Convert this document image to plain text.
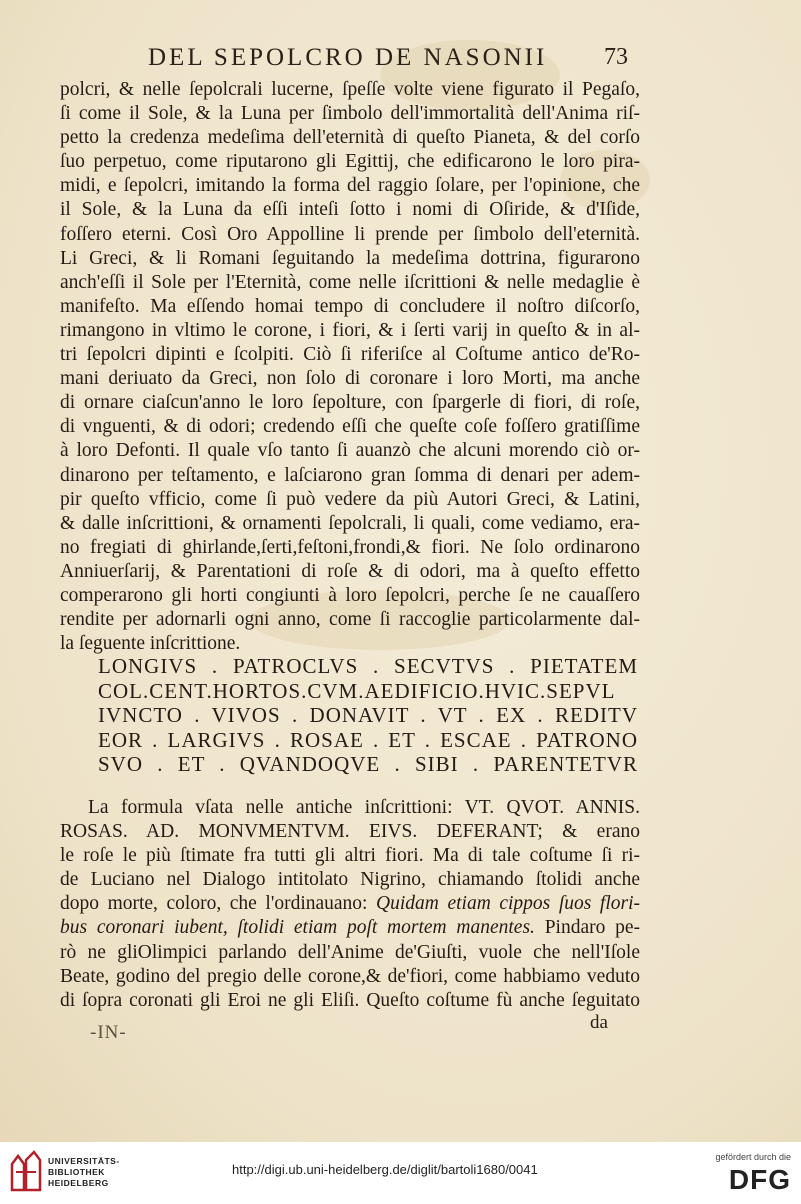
DEL SEPOLCRO DE NASONII 73
polcri, & nelle ſepolcrali lucerne, ſpeſſe volte viene figurato il Pegaſo,
ſi come il Sole, & la Luna per ſimbolo dell'immortalità dell'Anima riſ-
petto la credenza medeſima dell'eternità di queſto Pianeta, & del corſo
ſuo perpetuo, come riputarono gli Egittij, che edificarono le loro pira-
midi, e ſepolcri, imitando la forma del raggio ſolare, per l'opinione, che
il Sole, & la Luna da eſſi inteſi ſotto i nomi di Oſiride, & d'Iſide,
foſſero eterni. Così Oro Appolline li prende per ſimbolo dell'eternità.
Li Greci, & li Romani ſeguitando la medeſima dottrina, figurarono
anch'eſſi il Sole per l'Eternità, come nelle iſcrittioni & nelle medaglie è
manifeſto. Ma eſſendo homai tempo di concludere il noſtro diſcorſo,
rimangono in vltimo le corone, i fiori, & i ſerti varij in queſto & in al-
tri ſepolcri dipinti e ſcolpiti. Ciò ſi riferiſce al Coſtume antico de'Ro-
mani deriuato da Greci, non ſolo di coronare i loro Morti, ma anche
di ornare ciaſcun'anno le loro ſepolture, con ſpargerle di fiori, di roſe,
di vnguenti, & di odori; credendo eſſi che queſte coſe foſſero gratiſſime
à loro Defonti. Il quale vſo tanto ſi auanzò che alcuni morendo ciò or-
dinarono per teſtamento, e laſciarono gran ſomma di denari per adem-
pir queſto vfficio, come ſi può vedere da più Autori Greci, & Latini,
& dalle inſcrittioni, & ornamenti ſepolcrali, li quali, come vediamo, era-
no fregiati di ghirlande,ſerti,feſtoni,frondi,& fiori. Ne ſolo ordinarono
Anniuerſarij, & Parentationi di roſe & di odori, ma à queſto effetto
comperarono gli horti congiunti à loro ſepolcri, perche ſe ne cauaſſero
rendite per adornarli ogni anno, come ſi raccoglie particolarmente dal-
la ſeguente inſcrittione.
LONGIVS . PATROCLVS . SECVTVS . PIETATEM
COL.CENT.HORTOS.CVM.AEDIFICIO.HVIC.SEPVL
IVNCTO . VIVOS . DONAVIT . VT . EX . REDITV
EOR . LARGIVS . ROSAE . ET . ESCAE . PATRONO
SVO . ET . QVANDOQVE . SIBI . PARENTETVR
La formula vſata nelle antiche inſcrittioni: VT. QVOT. ANNIS.
ROSAS. AD. MONVMENTVM. EIVS. DEFERANT; & erano
le roſe le più ſtimate fra tutti gli altri fiori. Ma di tale coſtume ſi ri-
de Luciano nel Dialogo intitolato Nigrino, chiamando ſtolidi anche
dopo morte, coloro, che l'ordinauano: Quidam etiam cippos ſuos flori-
bus coronari iubent, ſtolidi etiam poſt mortem manentes. Pindaro pe-
rò ne gliOlimpici parlando dell'Anime de'Giuſti, vuole che nell'Iſole
Beate, godino del pregio delle corone,& de'fiori, come habbiamo veduto
di ſopra coronati gli Eroi ne gli Eliſi. Queſto coſtume fù anche ſeguitato
-IN-	da
UNIVERSITÄTS-
BIBLIOTHEK
HEIDELBERG
http://digi.ub.uni-heidelberg.de/diglit/bartoli1680/0041
gefördert durch die
DFG
